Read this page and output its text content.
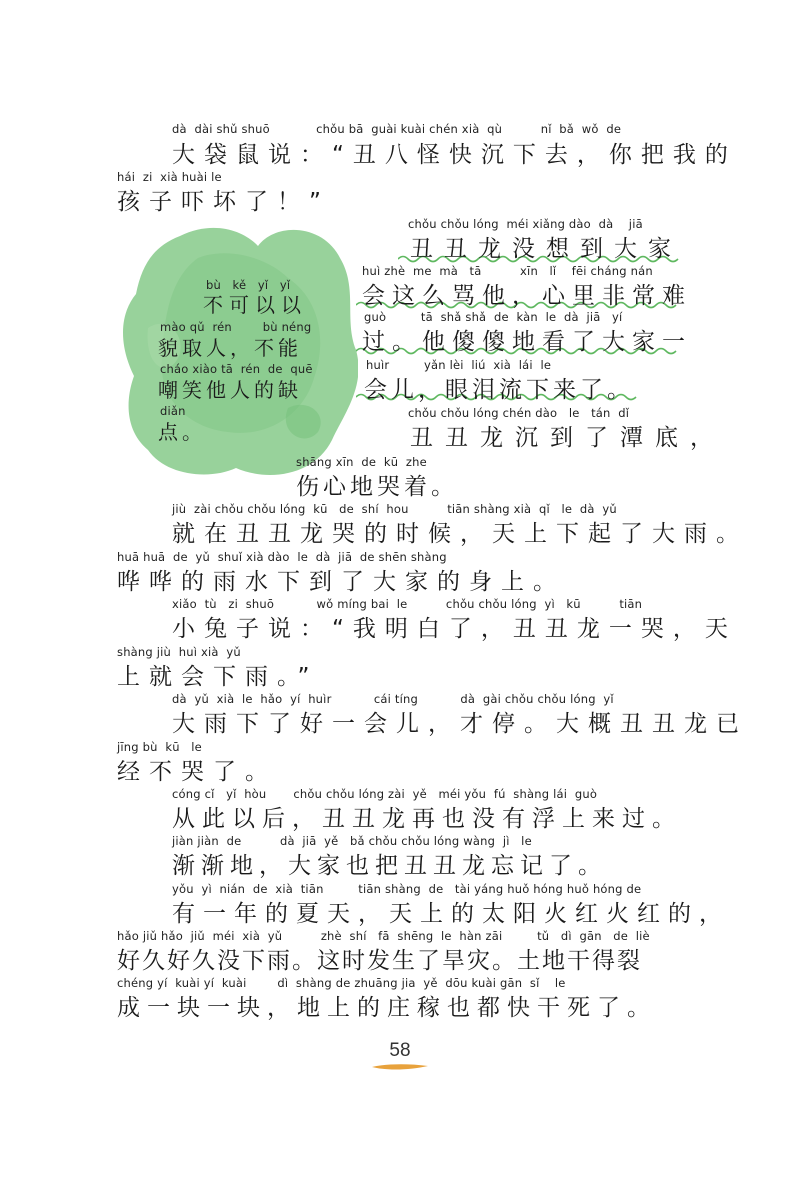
dà  dài shǔ shuō            chǒu bā  guài kuài chén xià  qù          nǐ  bǎ  wǒ  de
大袋鼠说：“丑八怪快沉下去，你把我的
hái  zi  xià huài le
孩子吓坏了！”
chǒu chǒu lóng  méi xiǎng dào  dà    jiā
丑丑龙没想到大家
huì zhè  me  mà   tā          xīn   lǐ    fēi cháng nán
会这么骂他，心里非常难
guò         tā  shǎ shǎ  de  kàn  le  dà  jiā   yí
过。他傻傻地看了大家一
huìr         yǎn lèi  liú  xià  lái  le
会儿，眼泪流下来了。
chǒu chǒu lóng chén dào   le   tán  dǐ
丑丑龙沉到了潭底，
shāng xīn  de  kū  zhe
伤心地哭着。
jiù  zài chǒu chǒu lóng  kū   de  shí  hou          tiān shàng xià  qǐ   le  dà  yǔ
就在丑丑龙哭的时候，天上下起了大雨。
huā huā  de  yǔ  shuǐ xià dào  le  dà  jiā  de shēn shàng
哗哗的雨水下到了大家的身上。
xiǎo  tù   zi  shuō           wǒ míng bai  le          chǒu chǒu lóng  yì   kū          tiān
小兔子说：“我明白了，丑丑龙一哭，天
shàng jiù  huì xià  yǔ
上就会下雨。”
dà  yǔ  xià  le  hǎo  yí  huìr           cái tíng           dà  gài chǒu chǒu lóng  yǐ
大雨下了好一会儿，才停。大概丑丑龙已
jīng bù  kū   le
经不哭了。
cóng cǐ   yǐ  hòu       chǒu chǒu lóng zài  yě   méi yǒu  fú  shàng lái  guò
从此以后，丑丑龙再也没有浮上来过。
jiàn jiàn  de          dà  jiā  yě   bǎ chǒu chǒu lóng wàng  jì   le
渐渐地，大家也把丑丑龙忘记了。
yǒu  yì  nián  de  xià  tiān         tiān shàng  de   tài yáng huǒ hóng huǒ hóng de
有一年的夏天，天上的太阳火红火红的，
hǎo jiǔ hǎo  jiǔ  méi  xià  yǔ          zhè  shí   fā  shēng  le  hàn zāi         tǔ   dì  gān   de  liè
好久好久没下雨。这时发生了旱灾。土地干得裂
chéng yí  kuài yí  kuài        dì  shàng de zhuāng jia  yě  dōu kuài gān  sǐ    le
成一块一块，地上的庄稼也都快干死了。
bù   kě   yǐ   yǐ
不可以以
mào qǔ  rén        bù néng
貌取人，不能
cháo xiào tā  rén  de  quē
嘲笑他人的缺
diǎn
点。
58
